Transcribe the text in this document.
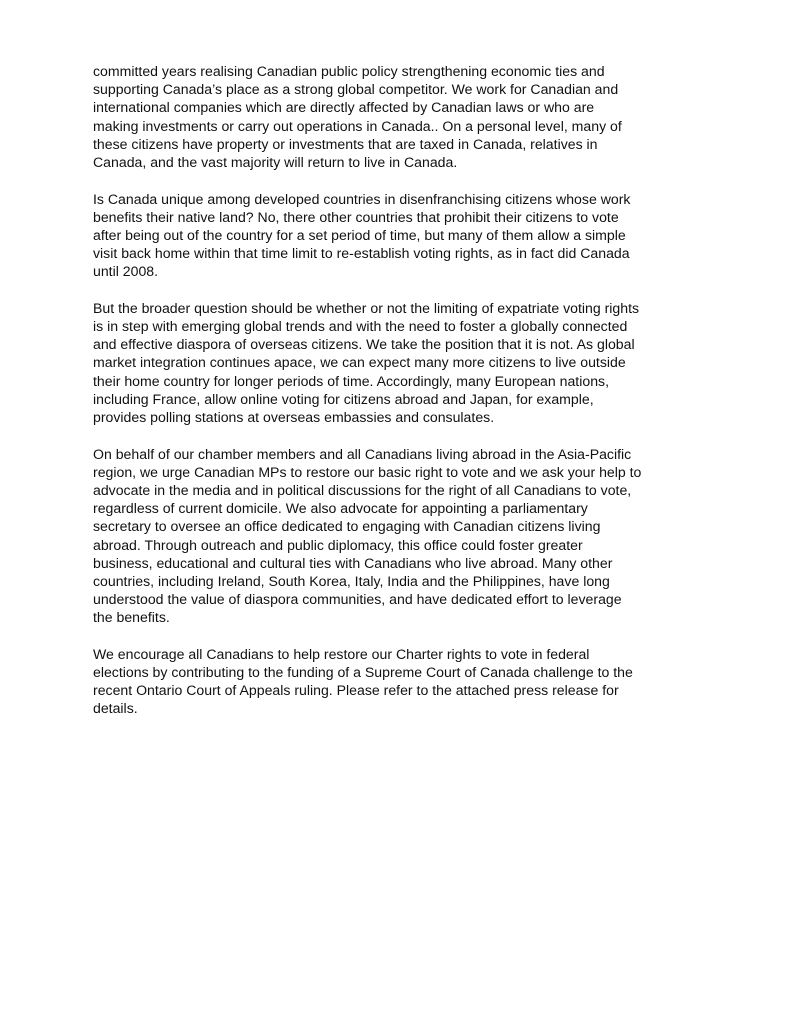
committed years realising Canadian public policy strengthening economic ties and
supporting Canada’s place as a strong global competitor. We work for Canadian and
international companies which are directly affected by Canadian laws or who are
making investments or carry out operations in Canada.. On a personal level, many of
these citizens have property or investments that are taxed in Canada, relatives in
Canada, and the vast majority will return to live in Canada.

Is Canada unique among developed countries in disenfranchising citizens whose work
benefits their native land? No, there other countries that prohibit their citizens to vote
after being out of the country for a set period of time, but many of them allow a simple
visit back home within that time limit to re-establish voting rights, as in fact did Canada
until 2008.

But the broader question should be whether or not the limiting of expatriate voting rights
is in step with emerging global trends and with the need to foster a globally connected
and effective diaspora of overseas citizens. We take the position that it is not. As global
market integration continues apace, we can expect many more citizens to live outside
their home country for longer periods of time. Accordingly, many European nations,
including France, allow online voting for citizens abroad and Japan, for example,
provides polling stations at overseas embassies and consulates.

On behalf of our chamber members and all Canadians living abroad in the Asia-Pacific
region, we urge Canadian MPs to restore our basic right to vote and we ask your help to
advocate in the media and in political discussions for the right of all Canadians to vote,
regardless of current domicile. We also advocate for appointing a parliamentary
secretary to oversee an office dedicated to engaging with Canadian citizens living
abroad. Through outreach and public diplomacy, this office could foster greater
business, educational and cultural ties with Canadians who live abroad. Many other
countries, including Ireland, South Korea, Italy, India and the Philippines, have long
understood the value of diaspora communities, and have dedicated effort to leverage
the benefits.

We encourage all Canadians to help restore our Charter rights to vote in federal
elections by contributing to the funding of a Supreme Court of Canada challenge to the
recent Ontario Court of Appeals ruling. Please refer to the attached press release for
details.
